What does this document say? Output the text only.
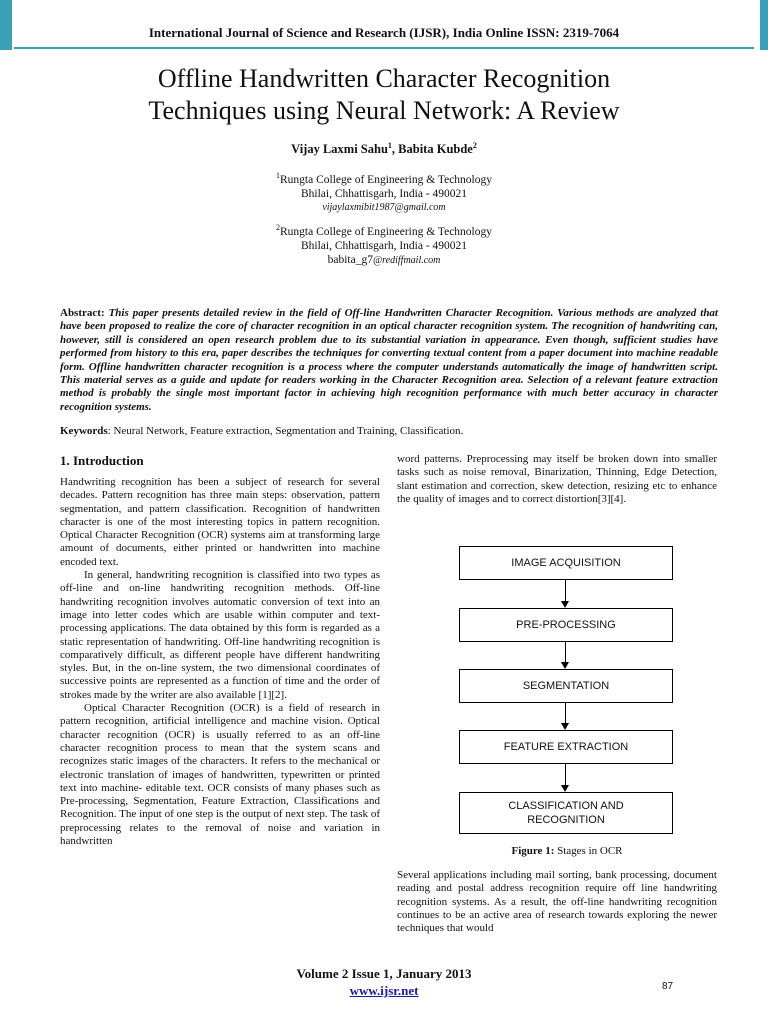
International Journal of Science and Research (IJSR), India Online ISSN: 2319-7064
Offline Handwritten Character Recognition
Techniques using Neural Network: A Review
Vijay Laxmi Sahu$^1$, Babita Kubde$^2$
$^1$Rungta College of Engineering & Technology
Bhilai, Chhattisgarh, India - 490021
vijaylaxmibit1987@gmail.com
$^2$Rungta College of Engineering & Technology
Bhilai, Chhattisgarh, India - 490021
babita_g7@rediffmail.com
Abstract: This paper presents detailed review in the field of Off-line Handwritten Character Recognition. Various methods are analyzed that have been proposed to realize the core of character recognition in an optical character recognition system. The recognition of handwriting can, however, still is considered an open research problem due to its substantial variation in appearance. Even though, sufficient studies have performed from history to this era, paper describes the techniques for converting textual content from a paper document into machine readable form. Offline handwritten character recognition is a process where the computer understands automatically the image of handwritten script. This material serves as a guide and update for readers working in the Character Recognition area. Selection of a relevant feature extraction method is probably the single most important factor in achieving high recognition performance with much better accuracy in character recognition systems.
Keywords: Neural Network, Feature extraction, Segmentation and Training, Classification.
1. Introduction

Handwriting recognition has been a subject of research for several decades. Pattern recognition has three main steps: observation, pattern segmentation, and pattern classification. Recognition of handwritten character is one of the most interesting topics in pattern recognition. Optical Character Recognition (OCR) systems aim at transforming large amount of documents, either printed or handwritten into machine encoded text.

In general, handwriting recognition is classified into two types as off-line and on-line handwriting recognition methods. Off-line handwriting recognition involves automatic conversion of text into an image into letter codes which are usable within computer and text-processing applications. The data obtained by this form is regarded as a static representation of handwriting. Off-line handwriting recognition is comparatively difficult, as different people have different handwriting styles. But, in the on-line system, the two dimensional coordinates of successive points are represented as a function of time and the order of strokes made by the writer are also available [1][2].

Optical Character Recognition (OCR) is a field of research in pattern recognition, artificial intelligence and machine vision. Optical character recognition (OCR) is usually referred to as an off-line character recognition process to mean that the system scans and recognizes static images of the characters. It refers to the mechanical or electronic translation of images of handwritten, typewritten or printed text into machine- editable text. OCR consists of many phases such as Pre-processing, Segmentation, Feature Extraction, Classifications and Recognition. The input of one step is the output of next step. The task of preprocessing relates to the removal of noise and variation in handwritten

word patterns. Preprocessing may itself be broken down into smaller tasks such as noise removal, Binarization, Thinning, Edge Detection, slant estimation and correction, skew detection, resizing etc to enhance the quality of images and to correct distortion[3][4].

IMAGE ACQUISITION
PRE-PROCESSING
SEGMENTATION
FEATURE EXTRACTION
CLASSIFICATION AND RECOGNITION
Figure 1: Stages in OCR

Several applications including mail sorting, bank processing, document reading and postal address recognition require off line handwriting recognition systems. As a result, the off-line handwriting recognition continues to be an active area of research towards exploring the newer techniques that would

Volume 2 Issue 1, January 2013
www.ijsr.net	87
